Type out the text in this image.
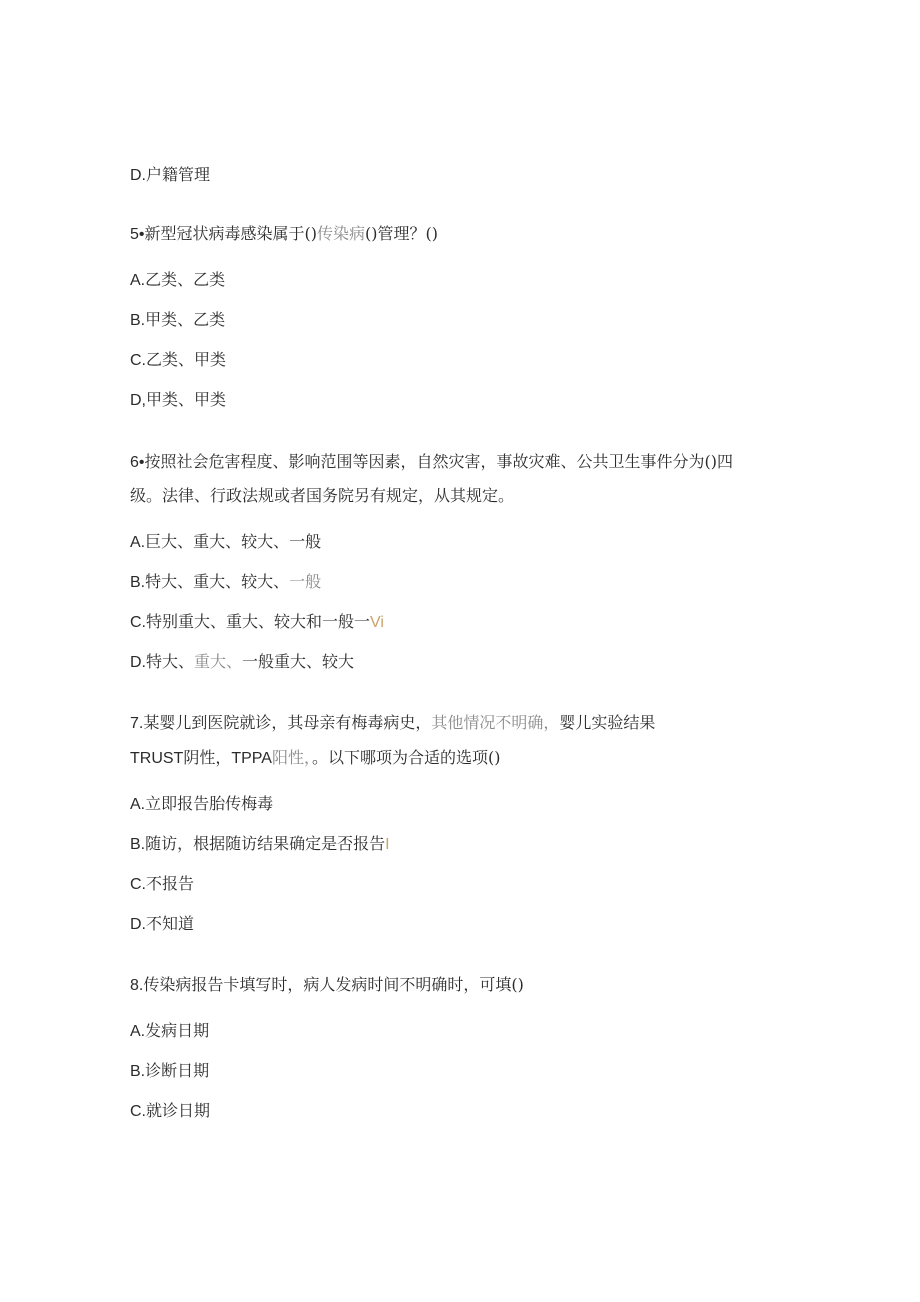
D.户籍管理
5•新型冠状病毒感染属于()传染病()管理？()
A.乙类、乙类
B.甲类、乙类
C.乙类、甲类
D,甲类、甲类
6•按照社会危害程度、影响范围等因素，自然灾害，事故灾难、公共卫生事件分为()四
级。法律、行政法规或者国务院另有规定，从其规定。
A.巨大、重大、较大、一般
B.特大、重大、较大、一般
C.特别重大、重大、较大和一般一Vi
D.特大、重大、一般重大、较大
7.某婴儿到医院就诊，其母亲有梅毒病史，其他情况不明确，婴儿实验结果
TRUST阴性，TPPA阳性，。以下哪项为合适的选项()
A.立即报告胎传梅毒
B.随访，根据随访结果确定是否报告I
C.不报告
D.不知道
8.传染病报告卡填写时，病人发病时间不明确时，可填()
A.发病日期
B.诊断日期
C.就诊日期
